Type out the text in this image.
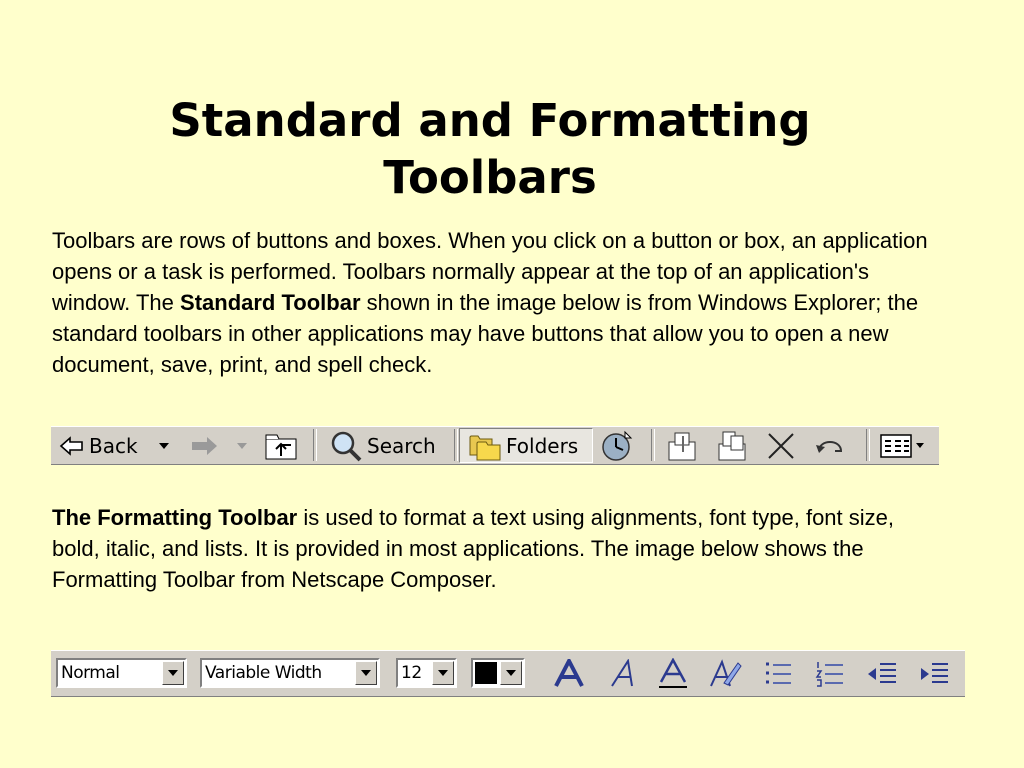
Standard and Formatting
Toolbars

Toolbars are rows of buttons and boxes. When you click on a button or box, an application opens or a task is performed. Toolbars normally appear at the top of an application's window. The Standard Toolbar shown in the image below is from Windows Explorer; the standard toolbars in other applications may have buttons that allow you to open a new document, save, print, and spell check.

Back	Search	Folders

The Formatting Toolbar is used to format a text using alignments, font type, font size, bold, italic, and lists. It is provided in most applications. The image below shows the Formatting Toolbar from Netscape Composer.

Normal	Variable Width	12
